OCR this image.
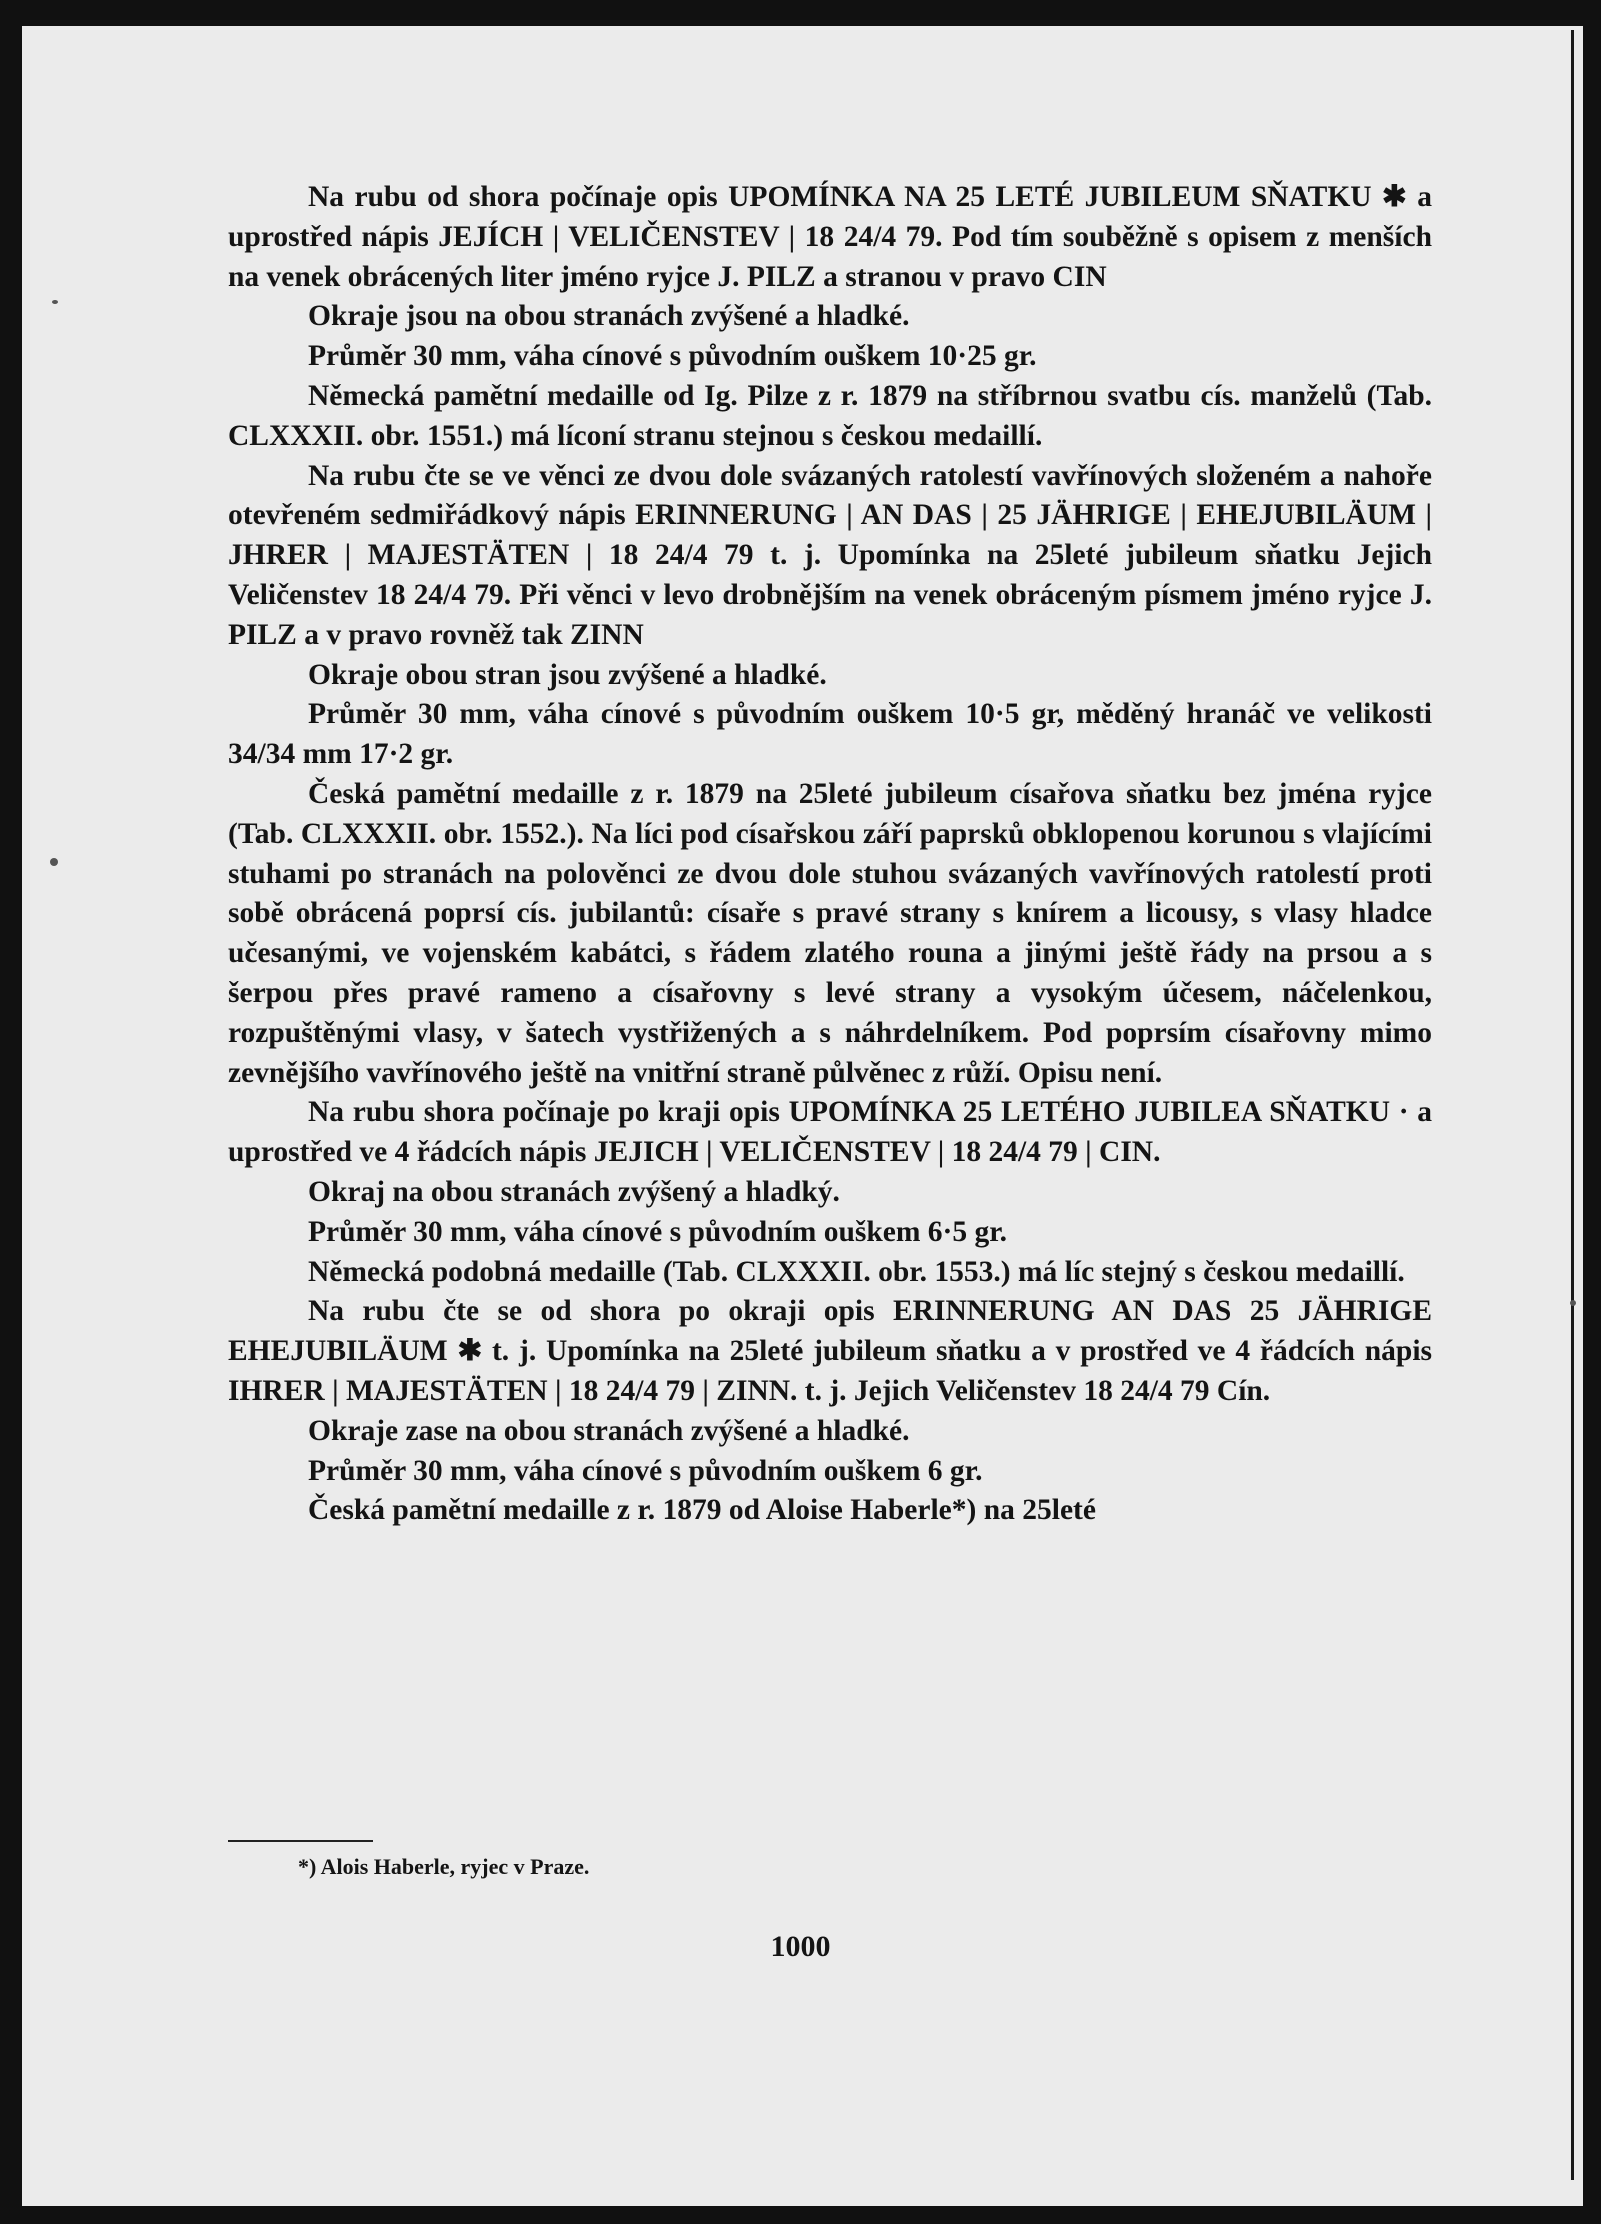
Na rubu od shora počínaje opis UPOMÍNKA NA 25 LETÉ JUBILEUM SŇATKU ✱ a uprostřed nápis JEJÍCH | VELIČENSTEV | 18 24/4 79. Pod tím souběžně s opisem z menších na venek obrácených liter jméno ryjce J. PILZ a stranou v pravo CIN

Okraje jsou na obou stranách zvýšené a hladké.

Průměr 30 mm, váha cínové s původním ouškem 10·25 gr.

Německá pamětní medaille od Ig. Pilze z r. 1879 na stříbrnou svatbu cís. manželů (Tab. CLXXXII. obr. 1551.) má líconí stranu stejnou s českou medaillí.

Na rubu čte se ve věnci ze dvou dole svázaných ratolestí vavřínových složeném a nahoře otevřeném sedmiřádkový nápis ERINNERUNG | AN DAS | 25 JÄHRIGE | EHEJUBILÄUM | JHRER | MAJESTÄTEN | 18 24/4 79 t. j. Upomínka na 25leté jubileum sňatku Jejich Veličenstev 18 24/4 79. Při věnci v levo drobnějším na venek obráceným písmem jméno ryjce J. PILZ a v pravo rovněž tak ZINN

Okraje obou stran jsou zvýšené a hladké.

Průměr 30 mm, váha cínové s původním ouškem 10·5 gr, měděný hranáč ve velikosti 34/34 mm 17·2 gr.

Česká pamětní medaille z r. 1879 na 25leté jubileum císařova sňatku bez jména ryjce (Tab. CLXXXII. obr. 1552.). Na líci pod císařskou září paprsků obklopenou korunou s vlajícími stuhami po stranách na polověnci ze dvou dole stuhou svázaných vavřínových ratolestí proti sobě obrácená poprsí cís. jubilantů: císaře s pravé strany s knírem a licousy, s vlasy hladce učesanými, ve vojenském kabátci, s řádem zlatého rouna a jinými ještě řády na prsou a s šerpou přes pravé rameno a císařovny s levé strany a vysokým účesem, náčelenkou, rozpuštěnými vlasy, v šatech vystřižených a s náhrdelníkem. Pod poprsím císařovny mimo zevnějšího vavřínového ještě na vnitřní straně půlvěnec z růží. Opisu není.

Na rubu shora počínaje po kraji opis UPOMÍNKA 25 LETÉHO JUBILEA SŇATKU · a uprostřed ve 4 řádcích nápis JEJICH | VELIČENSTEV | 18 24/4 79 | CIN.

Okraj na obou stranách zvýšený a hladký.

Průměr 30 mm, váha cínové s původním ouškem 6·5 gr.

Německá podobná medaille (Tab. CLXXXII. obr. 1553.) má líc stejný s českou medaillí.

Na rubu čte se od shora po okraji opis ERINNERUNG AN DAS 25 JÄHRIGE EHEJUBILÄUM ✱ t. j. Upomínka na 25leté jubileum sňatku a v prostřed ve 4 řádcích nápis IHRER | MAJESTÄTEN | 18 24/4 79 | ZINN. t. j. Jejich Veličenstev 18 24/4 79 Cín.

Okraje zase na obou stranách zvýšené a hladké.

Průměr 30 mm, váha cínové s původním ouškem 6 gr.

Česká pamětní medaille z r. 1879 od Aloise Haberle*) na 25leté

*) Alois Haberle, ryjec v Praze.
1000
